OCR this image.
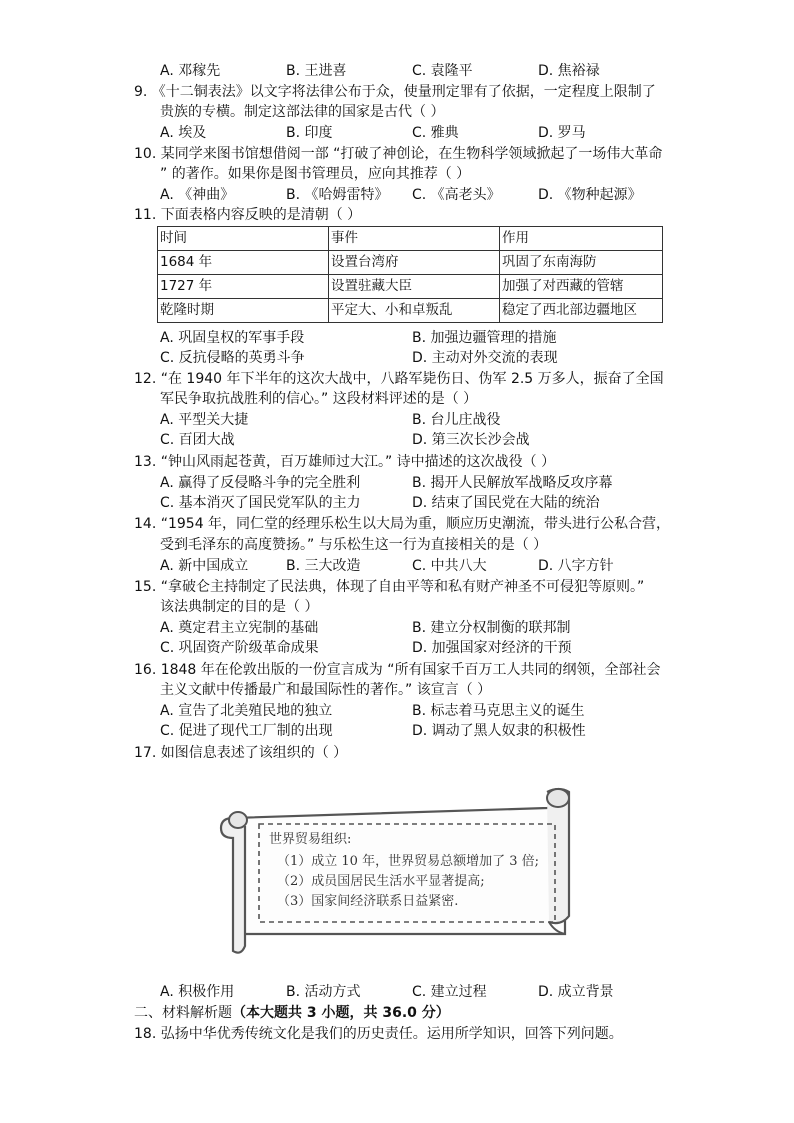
A. 邓稼先	B. 王进喜	C. 袁隆平	D. 焦裕禄
9. 《十二铜表法》以文字将法律公布于众，使量刑定罪有了依据，一定程度上限制了
贵族的专横。制定这部法律的国家是古代（ ）
A. 埃及	B. 印度	C. 雅典	D. 罗马
10. 某同学来图书馆想借阅一部 “打破了神创论，在生物科学领域掀起了一场伟大革命
” 的著作。如果你是图书管理员，应向其推荐（ ）
A. 《神曲》	B. 《哈姆雷特》 C. 《高老头》	D. 《物种起源》
11. 下面表格内容反映的是清朝（ ）
时间	事件	作用
1684 年	设置台湾府	巩固了东南海防
1727 年	设置驻藏大臣	加强了对西藏的管辖
乾隆时期	平定大、小和卓叛乱	稳定了西北部边疆地区
A. 巩固皇权的军事手段	B. 加强边疆管理的措施
C. 反抗侵略的英勇斗争	D. 主动对外交流的表现
12. “在 1940 年下半年的这次大战中，八路军毙伤日、伪军 2.5 万多人，振奋了全国
军民争取抗战胜利的信心。” 这段材料评述的是（ ）
A. 平型关大捷	B. 台儿庄战役
C. 百团大战	D. 第三次长沙会战
13. “钟山风雨起苍黄，百万雄师过大江。” 诗中描述的这次战役（ ）
A. 赢得了反侵略斗争的完全胜利	B. 揭开人民解放军战略反攻序幕
C. 基本消灭了国民党军队的主力	D. 结束了国民党在大陆的统治
14. “1954 年，同仁堂的经理乐松生以大局为重，顺应历史潮流，带头进行公私合营，
受到毛泽东的高度赞扬。” 与乐松生这一行为直接相关的是（ ）
A. 新中国成立	B. 三大改造	C. 中共八大	D. 八字方针
15. “拿破仑主持制定了民法典，体现了自由平等和私有财产神圣不可侵犯等原则。”
该法典制定的目的是（ ）
A. 奠定君主立宪制的基础	B. 建立分权制衡的联邦制
C. 巩固资产阶级革命成果	D. 加强国家对经济的干预
16. 1848 年在伦敦出版的一份宣言成为 “所有国家千百万工人共同的纲领，全部社会
主义文献中传播最广和最国际性的著作。” 该宣言（ ）
A. 宣告了北美殖民地的独立	B. 标志着马克思主义的诞生
C. 促进了现代工厂制的出现	D. 调动了黑人奴隶的积极性
17. 如图信息表述了该组织的（ ）
世界贸易组织:
（1）成立 10 年，世界贸易总额增加了 3 倍;
（2）成员国居民生活水平显著提高;
（3）国家间经济联系日益紧密.
A. 积极作用	B. 活动方式	C. 建立过程	D. 成立背景
二、材料解析题（本大题共 3 小题，共 36.0 分）
18. 弘扬中华优秀传统文化是我们的历史责任。运用所学知识，回答下列问题。
